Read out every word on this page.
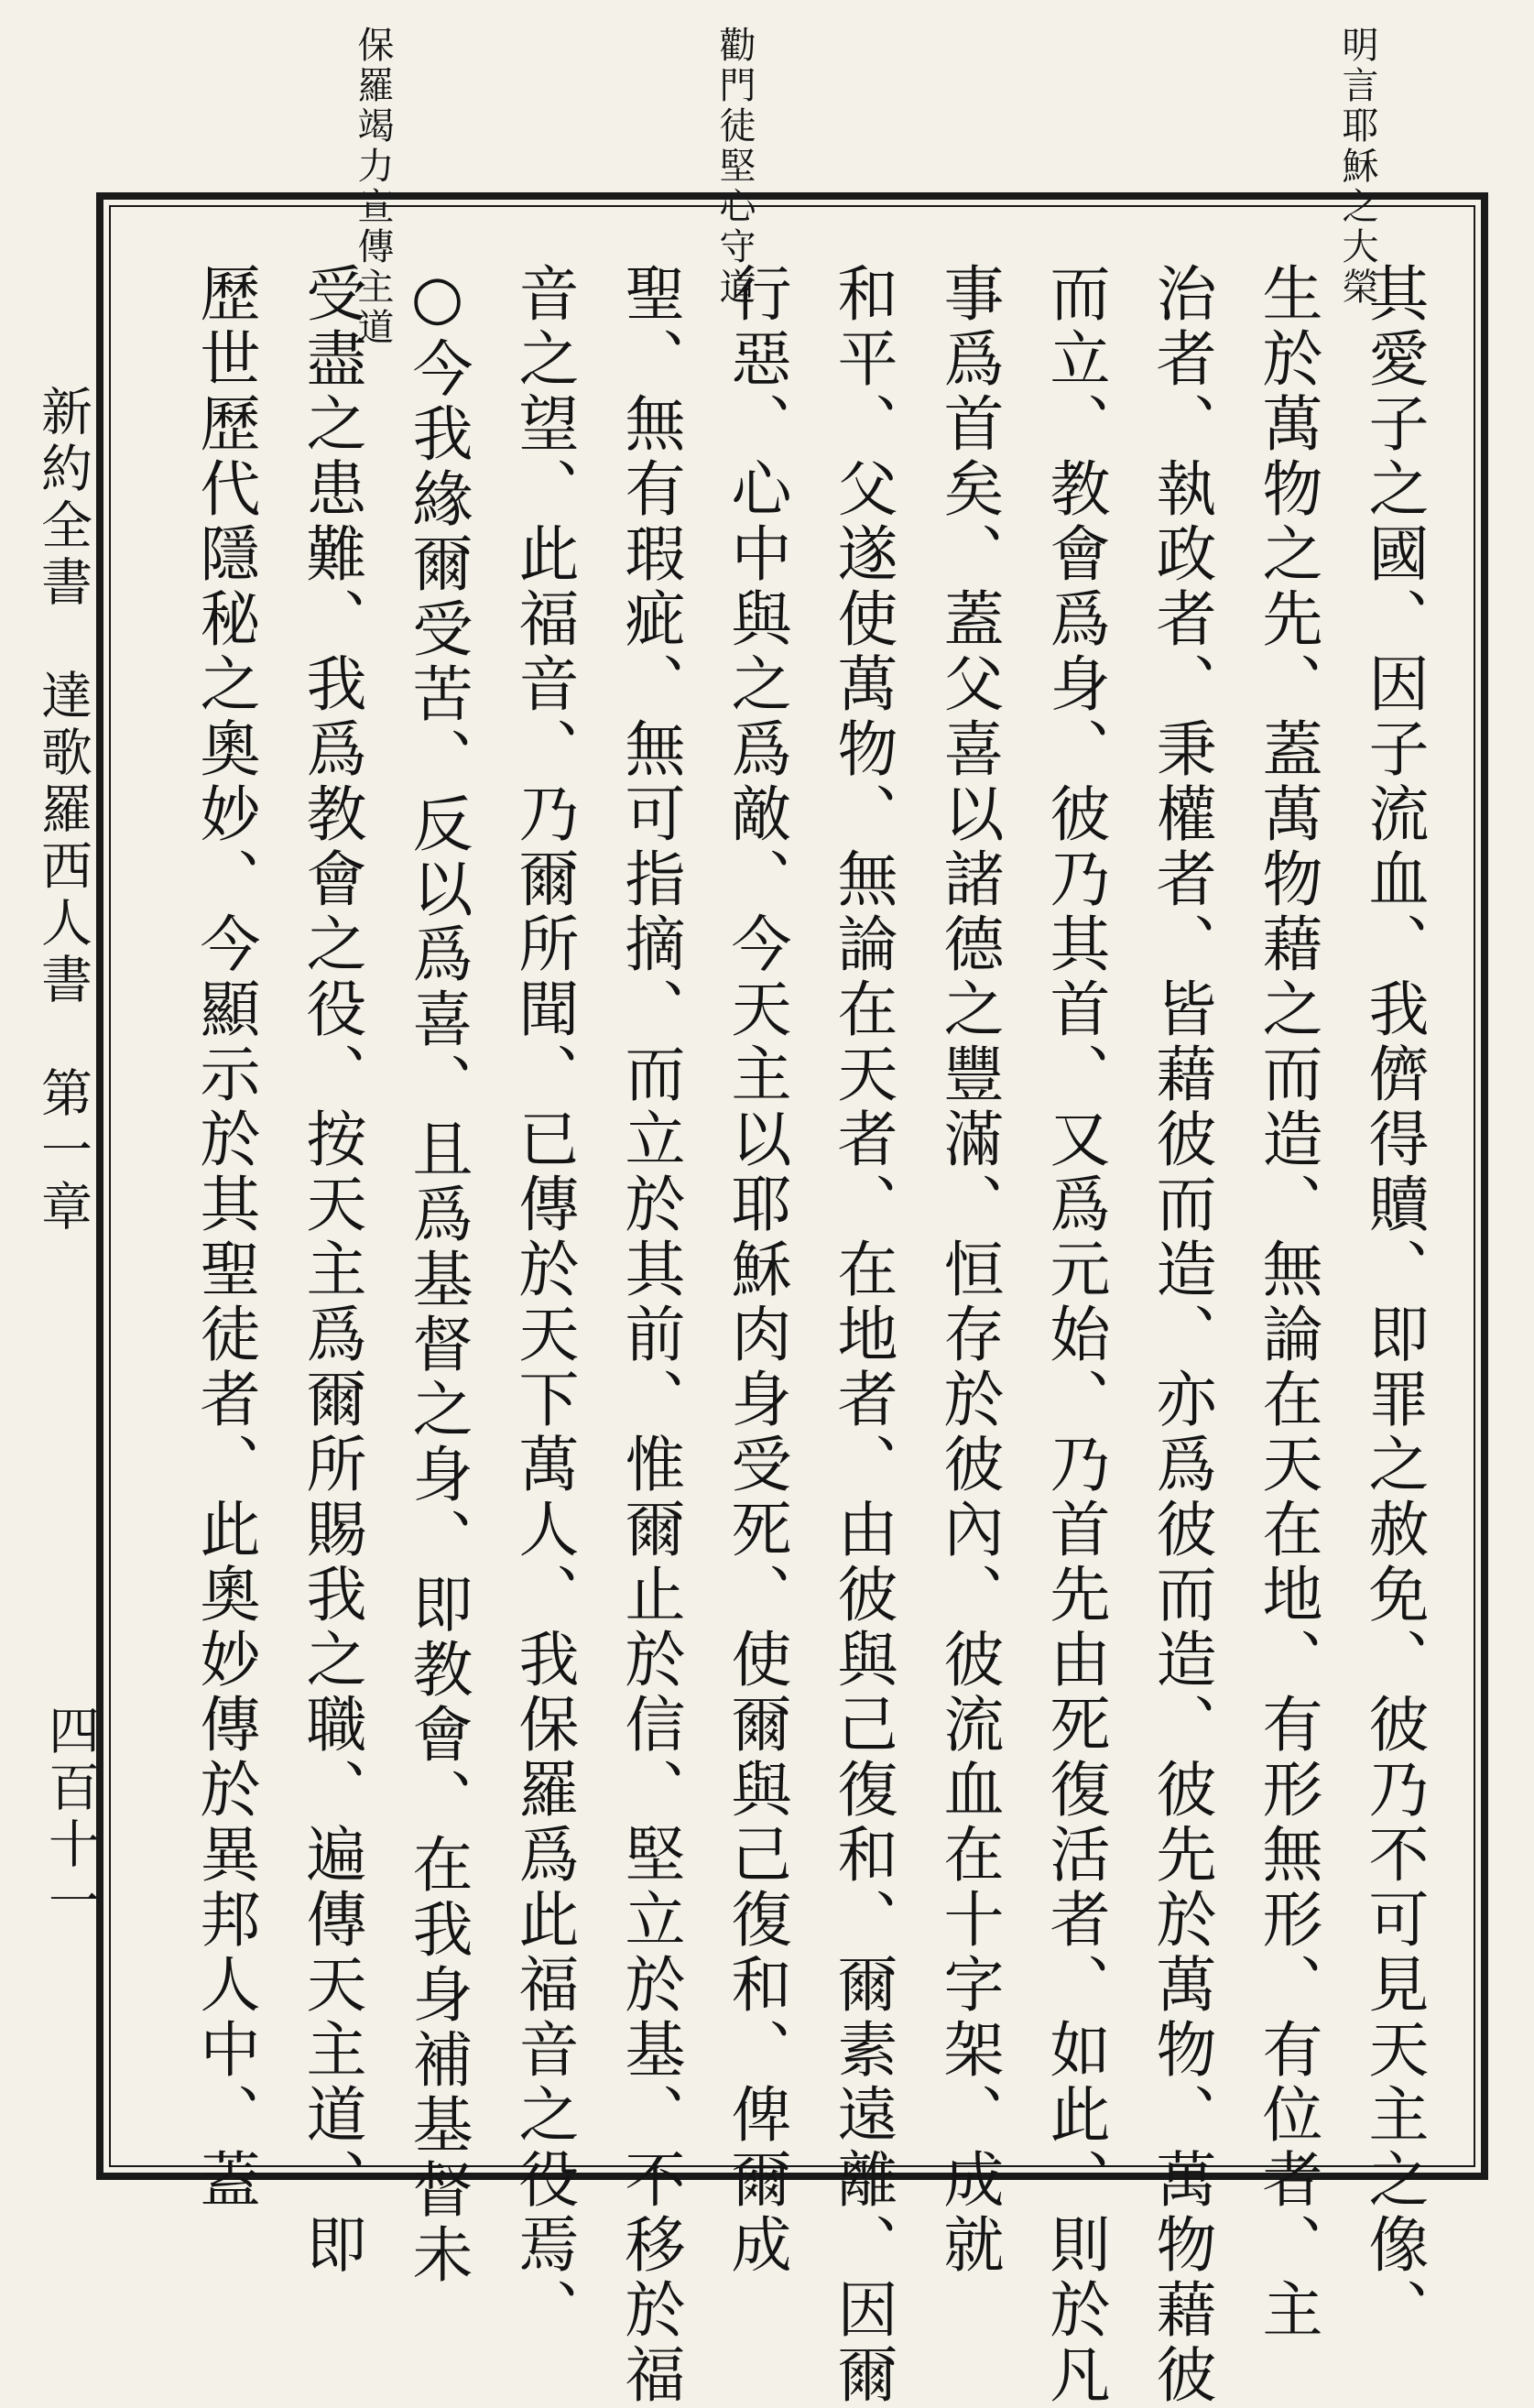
明言耶穌之大榮
勸門徒堅心守道
保羅竭力宣傳主道
新約全書　達歌羅西人書　第一章
四百十一	其愛子之國、因子流血、我儕得贖、即罪之赦免、彼乃不可見天主之像、
生於萬物之先、蓋萬物藉之而造、無論在天在地、有形無形、有位者、主
治者、執政者、秉權者、皆藉彼而造、亦爲彼而造、彼先於萬物、萬物藉彼
而立、教會爲身、彼乃其首、又爲元始、乃首先由死復活者、如此、則於凡
事爲首矣、蓋父喜以諸德之豐滿、恒存於彼內、彼流血在十字架、成就
和平、父遂使萬物、無論在天者、在地者、由彼與己復和、爾素遠離、因爾
行惡、心中與之爲敵、今天主以耶穌肉身受死、使爾與己復和、俾爾成
聖、無有瑕疵、無可指摘、而立於其前、惟爾止於信、堅立於基、不移於福
音之望、此福音、乃爾所聞、已傳於天下萬人、我保羅爲此福音之役焉、
○今我緣爾受苦、反以爲喜、且爲基督之身、即教會、在我身補基督未
受盡之患難、我爲教會之役、按天主爲爾所賜我之職、遍傳天主道、即
歷世歷代隱秘之奧妙、今顯示於其聖徒者、此奧妙傳於異邦人中、蓋
